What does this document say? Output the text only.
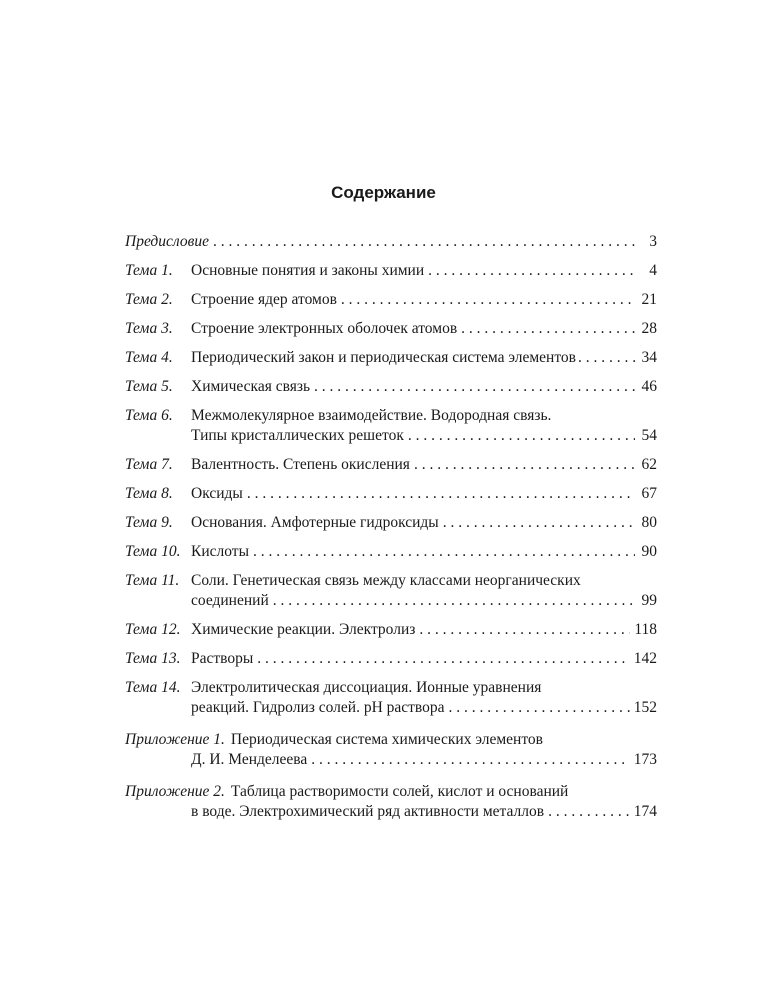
Содержание
Предисловие . . .	3
Тема 1.	Основные понятия и законы химии . . .	4
Тема 2.	Строение ядер атомов . . .	21
Тема 3.	Строение электронных оболочек атомов . . .	28
Тема 4.	Периодический закон и периодическая система элементов . . .	34
Тема 5.	Химическая связь . . .	46
Тема 6.	Межмолекулярное взаимодействие. Водородная связь.
Типы кристаллических решеток . . .	54
Тема 7.	Валентность. Степень окисления . . .	62
Тема 8.	Оксиды . . .	67
Тема 9.	Основания. Амфотерные гидроксиды . . .	80
Тема 10. Кислоты . . .	90
Тема 11. Соли. Генетическая связь между классами неорганических
соединений . . .	99
Тема 12. Химические реакции. Электролиз . . .	118
Тема 13. Растворы . . .	142
Тема 14. Электролитическая диссоциация. Ионные уравнения
реакций. Гидролиз солей. pH раствора . . .	152
Приложение 1. Периодическая система химических элементов
Д. И. Менделеева . . .	173
Приложение 2. Таблица растворимости солей, кислот и оснований
в воде. Электрохимический ряд активности металлов . . .	174
